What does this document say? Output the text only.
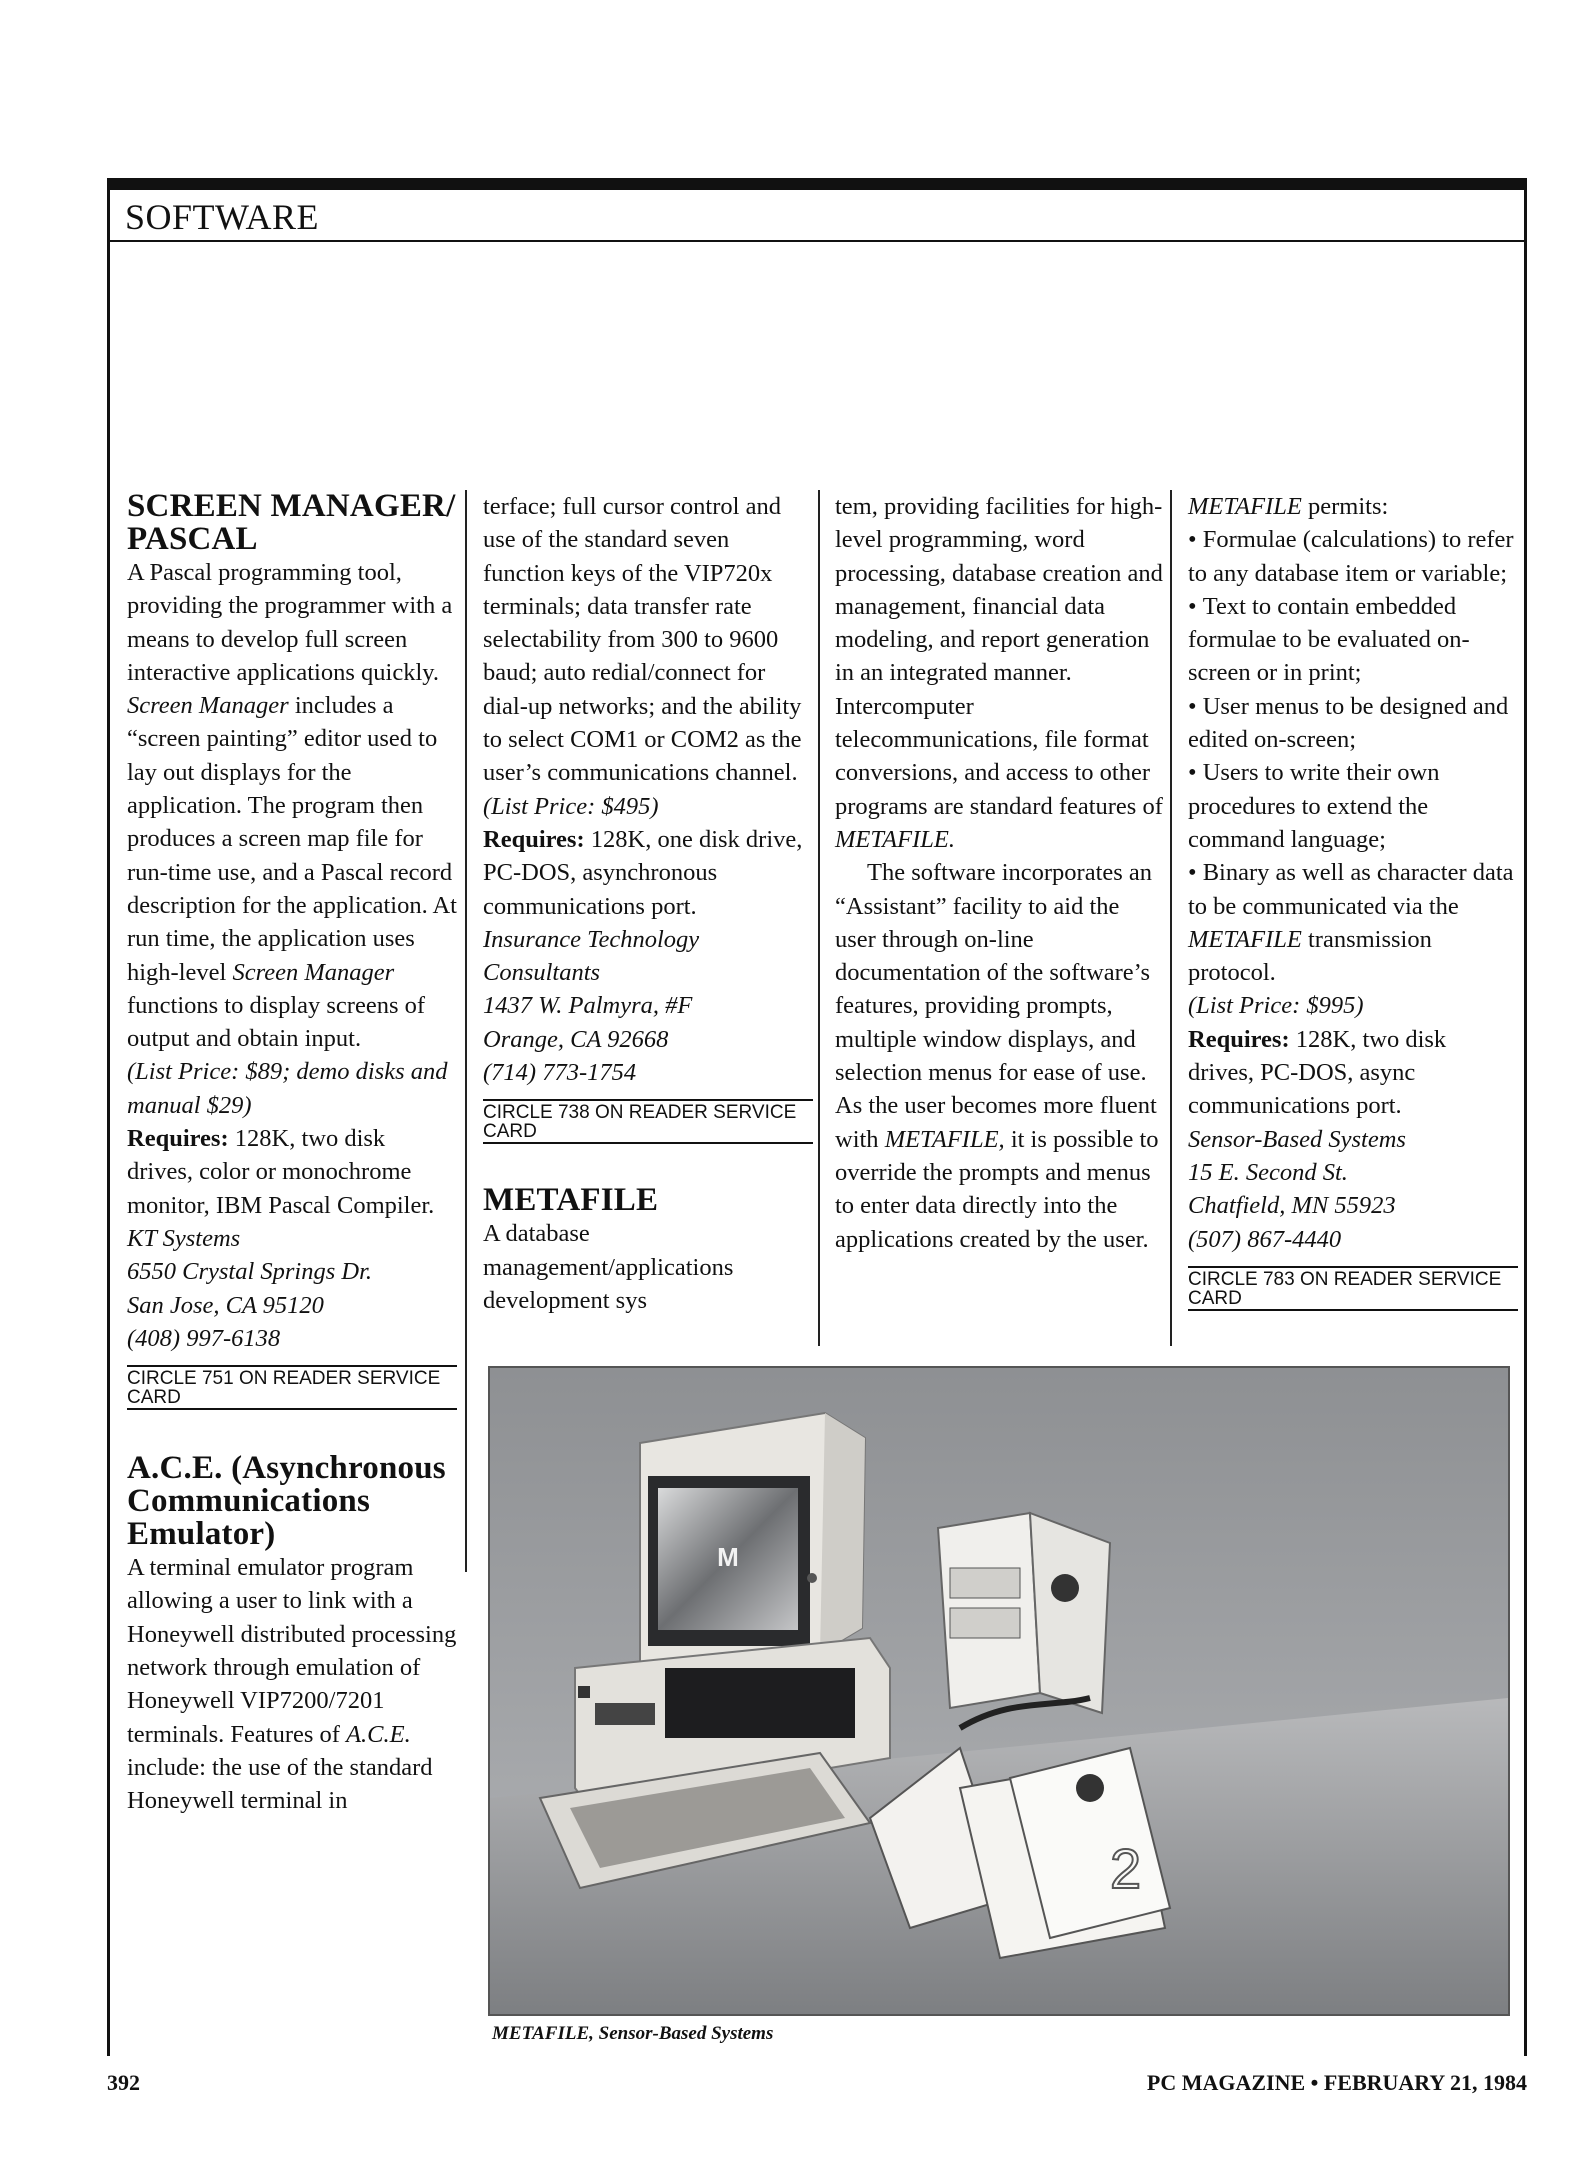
SOFTWARE
SCREEN MANAGER/ PASCAL

A Pascal programming tool, providing the programmer with a means to develop full screen interactive applications quickly. Screen Manager includes a “screen painting” editor used to lay out displays for the application. The program then produces a screen map file for run-time use, and a Pascal record description for the application. At run time, the application uses high-level Screen Manager functions to display screens of output and obtain input.

(List Price: $89; demo disks and manual $29)

Requires: 128K, two disk drives, color or monochrome monitor, IBM Pascal Compiler.

KT Systems

6550 Crystal Springs Dr.

San Jose, CA 95120

(408) 997-6138

CIRCLE 751 ON READER SERVICE CARD
A.C.E. (Asynchronous Communications Emulator)

A terminal emulator program allowing a user to link with a Honeywell distributed processing network through emulation of Honeywell VIP7200/7201 terminals. Features of A.C.E. include: the use of the standard Honeywell terminal in

terface; full cursor control and use of the standard seven function keys of the VIP720x terminals; data transfer rate selectability from 300 to 9600 baud; auto redial/connect for dial-up networks; and the ability to select COM1 or COM2 as the user’s communications channel.

(List Price: $495)

Requires: 128K, one disk drive, PC-DOS, asynchronous communications port.

Insurance Technology Consultants

1437 W. Palmyra, #F

Orange, CA 92668

(714) 773-1754

CIRCLE 738 ON READER SERVICE CARD
METAFILE

A database management/applications development sys

tem, providing facilities for high-level programming, word processing, database creation and management, financial data modeling, and report generation in an integrated manner. Intercomputer telecommunications, file format conversions, and access to other programs are standard features of METAFILE.

The software incorporates an “Assistant” facility to aid the user through on-line documentation of the software’s features, providing prompts, multiple window displays, and selection menus for ease of use. As the user becomes more fluent with METAFILE, it is possible to override the prompts and menus to enter data directly into the applications created by the user.

METAFILE permits:

• Formulae (calculations) to refer to any database item or variable;

• Text to contain embedded formulae to be evaluated on-screen or in print;

• User menus to be designed and edited on-screen;

• Users to write their own procedures to extend the command language;

• Binary as well as character data to be communicated via the METAFILE transmission protocol.

(List Price: $995)

Requires: 128K, two disk drives, PC-DOS, async communications port.

Sensor-Based Systems

15 E. Second St.

Chatfield, MN 55923

(507) 867-4440

CIRCLE 783 ON READER SERVICE CARD
M
2
METAFILE, Sensor-Based Systems
392	PC MAGAZINE • FEBRUARY 21, 1984
